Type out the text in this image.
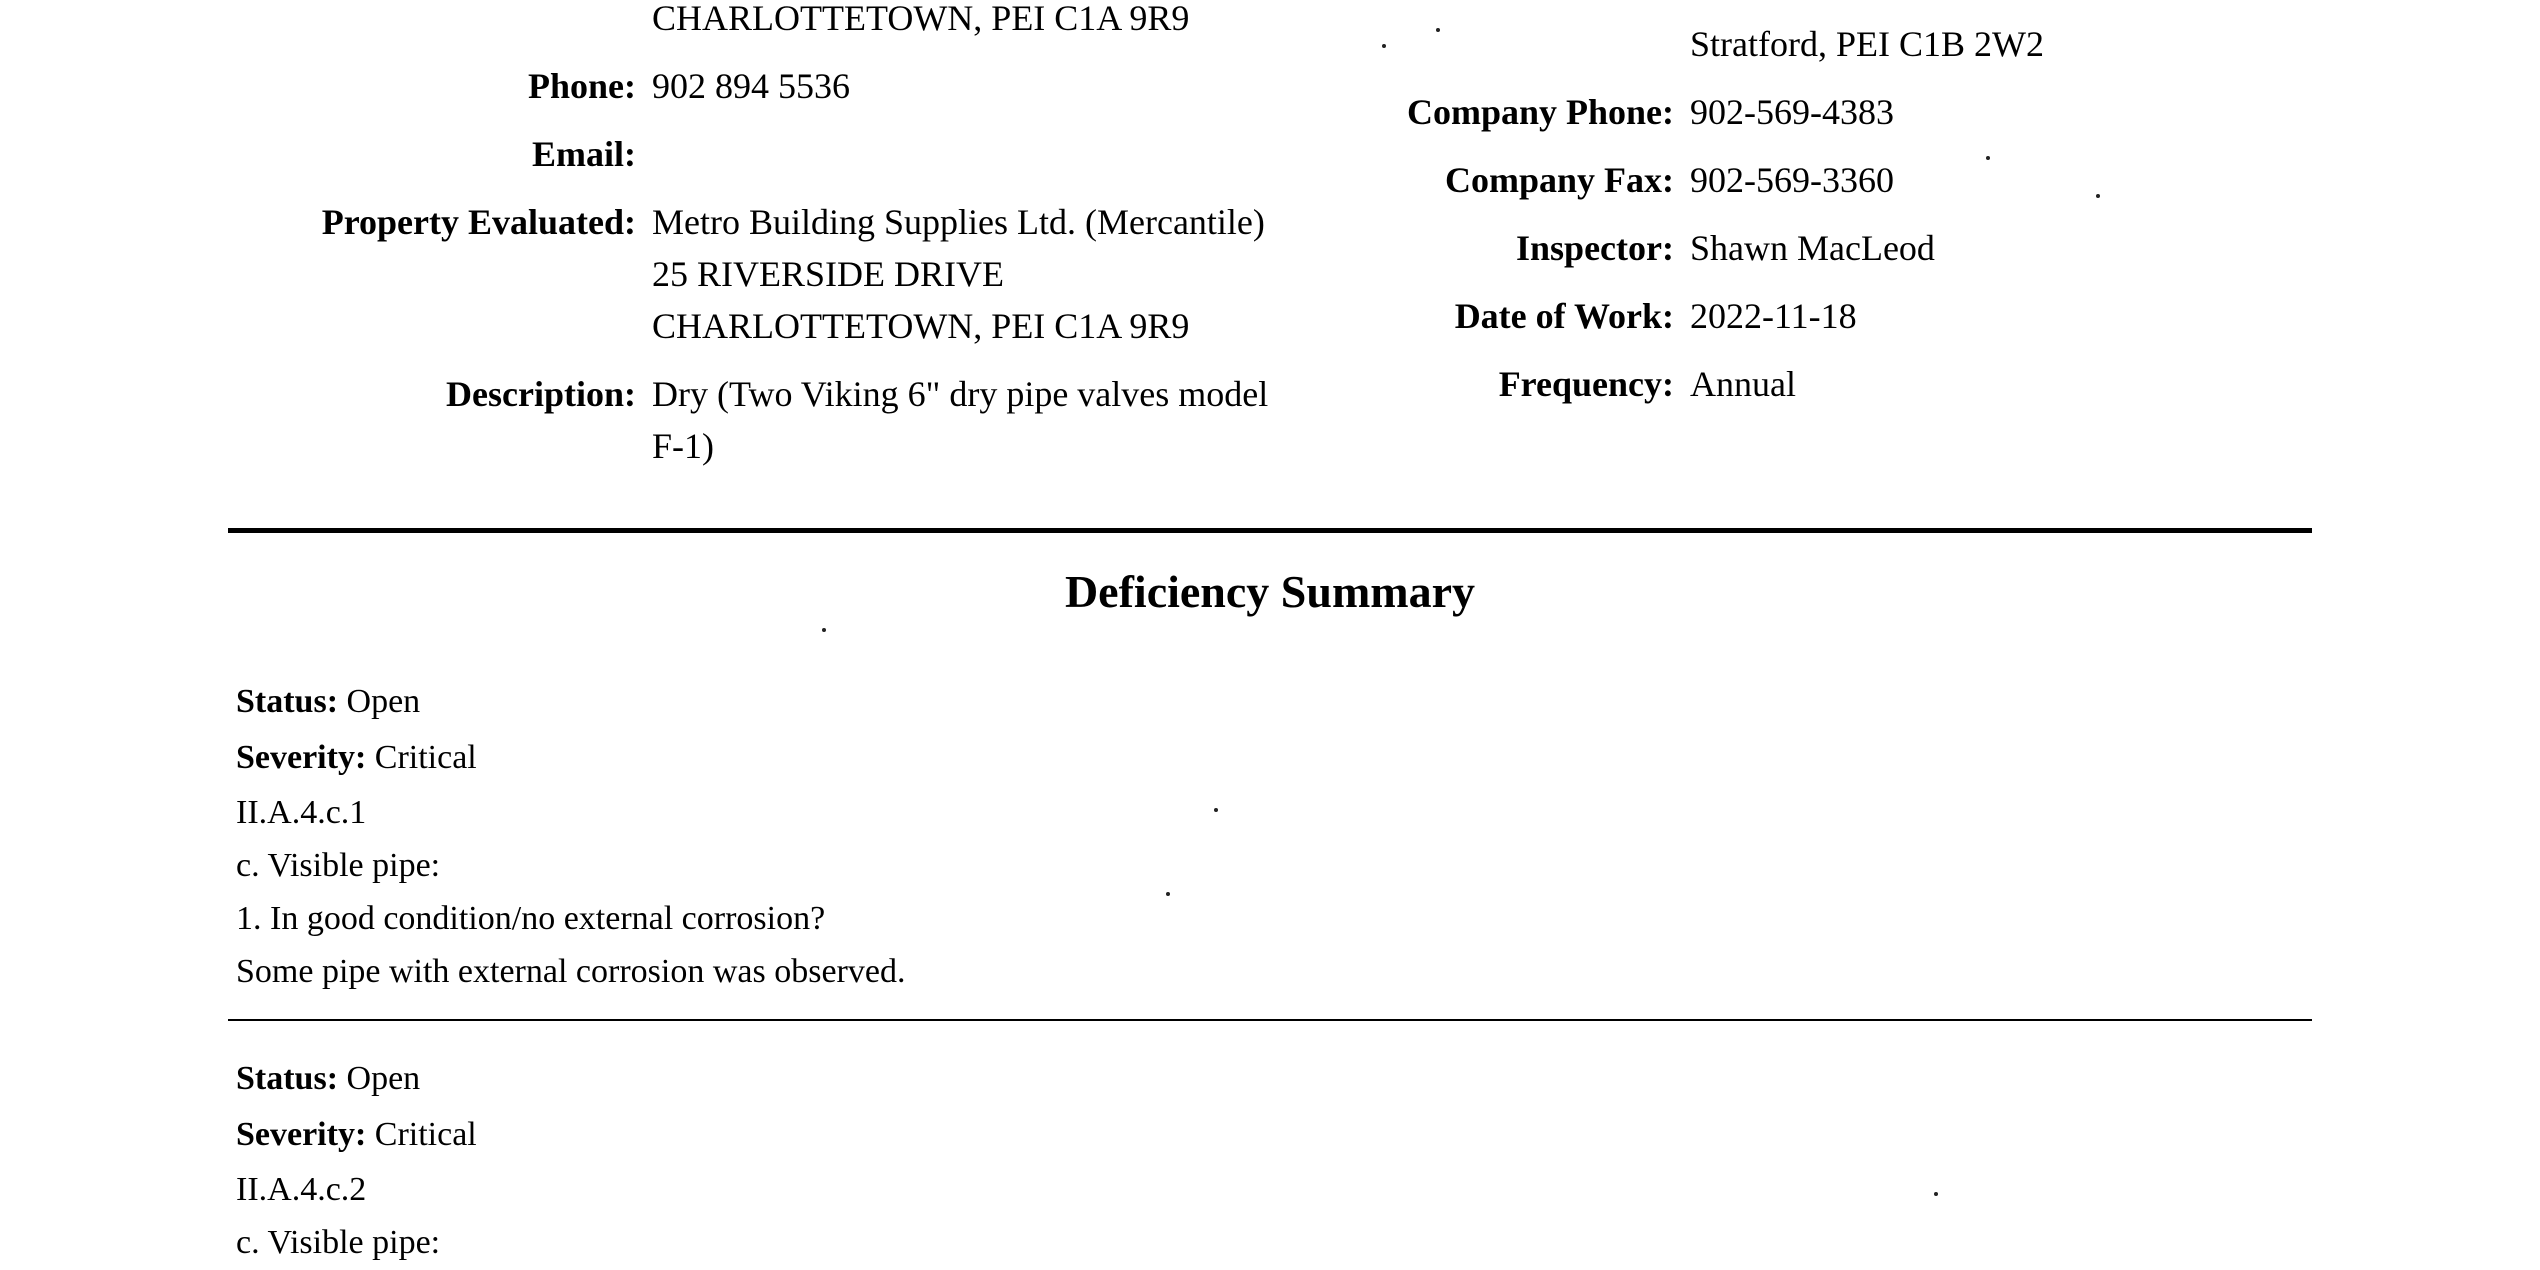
CHARLOTTETOWN, PEI C1A 9R9
Phone: 902 894 5536
Email:
Property Evaluated: Metro Building Supplies Ltd. (Mercantile)
25 RIVERSIDE DRIVE
CHARLOTTETOWN, PEI C1A 9R9
Description: Dry (Two Viking 6" dry pipe valves model
F-1)
Stratford, PEI C1B 2W2
Company Phone: 902-569-4383
Company Fax: 902-569-3360
Inspector: Shawn MacLeod
Date of Work: 2022-11-18
Frequency: Annual
Deficiency Summary
Status: Open
Severity: Critical
II.A.4.c.1
c. Visible pipe:
1. In good condition/no external corrosion?
Some pipe with external corrosion was observed.
Status: Open
Severity: Critical
II.A.4.c.2
c. Visible pipe:
